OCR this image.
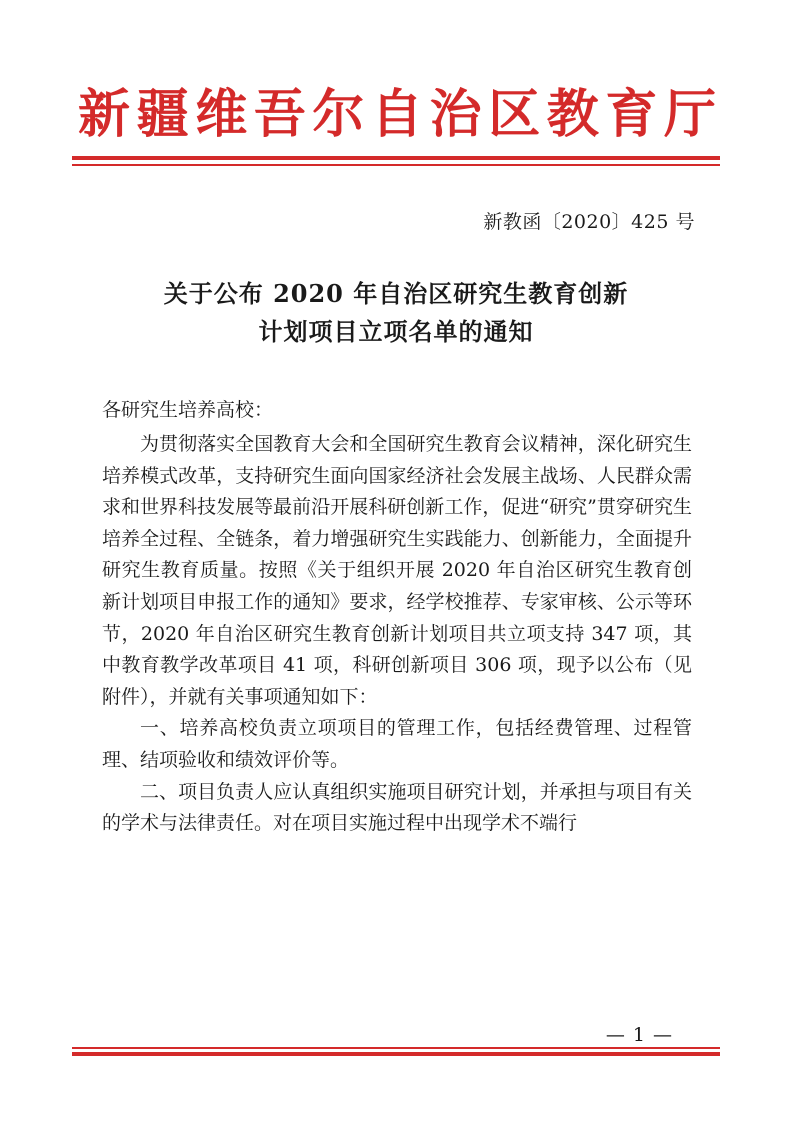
新疆维吾尔自治区教育厅
新教函〔2020〕425 号
关于公布 2020 年自治区研究生教育创新
计划项目立项名单的通知
各研究生培养高校：

为贯彻落实全国教育大会和全国研究生教育会议精神，深化研究生培养模式改革，支持研究生面向国家经济社会发展主战场、人民群众需求和世界科技发展等最前沿开展科研创新工作，促进“研究”贯穿研究生培养全过程、全链条，着力增强研究生实践能力、创新能力，全面提升研究生教育质量。按照《关于组织开展 2020 年自治区研究生教育创新计划项目申报工作的通知》要求，经学校推荐、专家审核、公示等环节，2020 年自治区研究生教育创新计划项目共立项支持 347 项，其中教育教学改革项目 41 项，科研创新项目 306 项，现予以公布（见附件），并就有关事项通知如下：

一、培养高校负责立项项目的管理工作，包括经费管理、过程管理、结项验收和绩效评价等。

二、项目负责人应认真组织实施项目研究计划，并承担与项目有关的学术与法律责任。对在项目实施过程中出现学术不端行

— 1 —
